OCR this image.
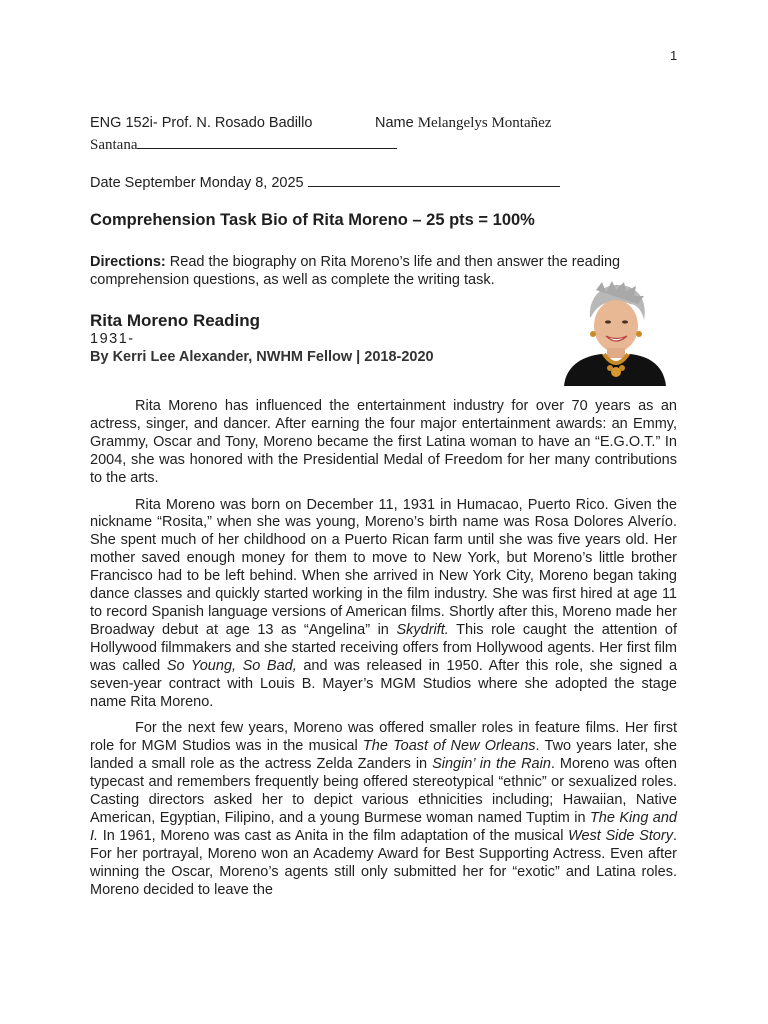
1
ENG 152i- Prof. N. Rosado Badillo	Name Melangelys Montañez
Santana
Date September Monday 8, 2025
Comprehension Task Bio of Rita Moreno – 25 pts = 100%
Directions: Read the biography on Rita Moreno’s life and then answer the reading comprehension questions, as well as complete the writing task.
Rita Moreno Reading
1931-
By Kerri Lee Alexander, NWHM Fellow | 2018-2020

Rita Moreno has influenced the entertainment industry for over 70 years as an actress, singer, and dancer. After earning the four major entertainment awards: an Emmy, Grammy, Oscar and Tony, Moreno became the first Latina woman to have an “E.G.O.T.” In 2004, she was honored with the Presidential Medal of Freedom for her many contributions to the arts.

Rita Moreno was born on December 11, 1931 in Humacao, Puerto Rico. Given the nickname “Rosita,” when she was young, Moreno’s birth name was Rosa Dolores Alverío. She spent much of her childhood on a Puerto Rican farm until she was five years old. Her mother saved enough money for them to move to New York, but Moreno’s little brother Francisco had to be left behind. When she arrived in New York City, Moreno began taking dance classes and quickly started working in the film industry. She was first hired at age 11 to record Spanish language versions of American films. Shortly after this, Moreno made her Broadway debut at age 13 as “Angelina” in Skydrift. This role caught the attention of Hollywood filmmakers and she started receiving offers from Hollywood agents. Her first film was called So Young, So Bad, and was released in 1950. After this role, she signed a seven-year contract with Louis B. Mayer’s MGM Studios where she adopted the stage name Rita Moreno.

For the next few years, Moreno was offered smaller roles in feature films. Her first role for MGM Studios was in the musical The Toast of New Orleans. Two years later, she landed a small role as the actress Zelda Zanders in Singin’ in the Rain. Moreno was often typecast and remembers frequently being offered stereotypical “ethnic” or sexualized roles. Casting directors asked her to depict various ethnicities including; Hawaiian, Native American, Egyptian, Filipino, and a young Burmese woman named Tuptim in The King and I. In 1961, Moreno was cast as Anita in the film adaptation of the musical West Side Story. For her portrayal, Moreno won an Academy Award for Best Supporting Actress. Even after winning the Oscar, Moreno’s agents still only submitted her for “exotic” and Latina roles. Moreno decided to leave the
